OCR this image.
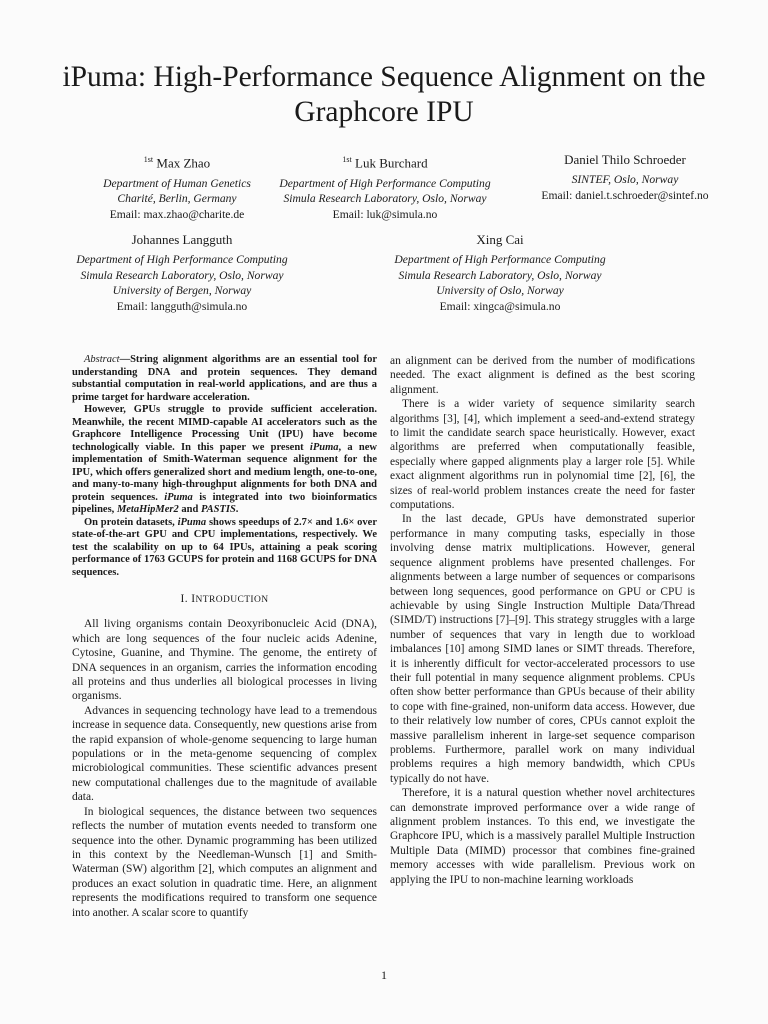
iPuma: High-Performance Sequence Alignment on the Graphcore IPU
$^{1st}$ Max Zhao
Department of Human Genetics
Charité, Berlin, Germany
Email: max.zhao@charite.de
$^{1st}$ Luk Burchard
Department of High Performance Computing
Simula Research Laboratory, Oslo, Norway
Email: luk@simula.no
Daniel Thilo Schroeder
SINTEF, Oslo, Norway
Email: daniel.t.schroeder@sintef.no
Johannes Langguth
Department of High Performance Computing
Simula Research Laboratory, Oslo, Norway
University of Bergen, Norway
Email: langguth@simula.no
Xing Cai
Department of High Performance Computing
Simula Research Laboratory, Oslo, Norway
University of Oslo, Norway
Email: xingca@simula.no

Abstract—String alignment algorithms are an essential tool for understanding DNA and protein sequences. They demand substantial computation in real-world applications, and are thus a prime target for hardware acceleration.

However, GPUs struggle to provide sufficient acceleration. Meanwhile, the recent MIMD-capable AI accelerators such as the Graphcore Intelligence Processing Unit (IPU) have become technologically viable. In this paper we present iPuma, a new implementation of Smith-Waterman sequence alignment for the IPU, which offers generalized short and medium length, one-to-one, and many-to-many high-throughput alignments for both DNA and protein sequences. iPuma is integrated into two bioinformatics pipelines, MetaHipMer2 and PASTIS.

On protein datasets, iPuma shows speedups of 2.7× and 1.6× over state-of-the-art GPU and CPU implementations, respectively. We test the scalability on up to 64 IPUs, attaining a peak scoring performance of 1763 GCUPS for protein and 1168 GCUPS for DNA sequences.

I. INTRODUCTION

All living organisms contain Deoxyribonucleic Acid (DNA), which are long sequences of the four nucleic acids Adenine, Cytosine, Guanine, and Thymine. The genome, the entirety of DNA sequences in an organism, carries the information encoding all proteins and thus underlies all biological processes in living organisms.

Advances in sequencing technology have lead to a tremendous increase in sequence data. Consequently, new questions arise from the rapid expansion of whole-genome sequencing to large human populations or in the meta-genome sequencing of complex microbiological communities. These scientific advances present new computational challenges due to the magnitude of available data.

In biological sequences, the distance between two sequences reflects the number of mutation events needed to transform one sequence into the other. Dynamic programming has been utilized in this context by the Needleman-Wunsch [1] and Smith-Waterman (SW) algorithm [2], which computes an alignment and produces an exact solution in quadratic time. Here, an alignment represents the modifications required to transform one sequence into another. A scalar score to quantify

an alignment can be derived from the number of modifications needed. The exact alignment is defined as the best scoring alignment.

There is a wider variety of sequence similarity search algorithms [3], [4], which implement a seed-and-extend strategy to limit the candidate search space heuristically. However, exact algorithms are preferred when computationally feasible, especially where gapped alignments play a larger role [5]. While exact alignment algorithms run in polynomial time [2], [6], the sizes of real-world problem instances create the need for faster computations.

In the last decade, GPUs have demonstrated superior performance in many computing tasks, especially in those involving dense matrix multiplications. However, general sequence alignment problems have presented challenges. For alignments between a large number of sequences or comparisons between long sequences, good performance on GPU or CPU is achievable by using Single Instruction Multiple Data/Thread (SIMD/T) instructions [7]–[9]. This strategy struggles with a large number of sequences that vary in length due to workload imbalances [10] among SIMD lanes or SIMT threads. Therefore, it is inherently difficult for vector-accelerated processors to use their full potential in many sequence alignment problems. CPUs often show better performance than GPUs because of their ability to cope with fine-grained, non-uniform data access. However, due to their relatively low number of cores, CPUs cannot exploit the massive parallelism inherent in large-set sequence comparison problems. Furthermore, parallel work on many individual problems requires a high memory bandwidth, which CPUs typically do not have.

Therefore, it is a natural question whether novel architectures can demonstrate improved performance over a wide range of alignment problem instances. To this end, we investigate the Graphcore IPU, which is a massively parallel Multiple Instruction Multiple Data (MIMD) processor that combines fine-grained memory accesses with wide parallelism. Previous work on applying the IPU to non-machine learning workloads

1
